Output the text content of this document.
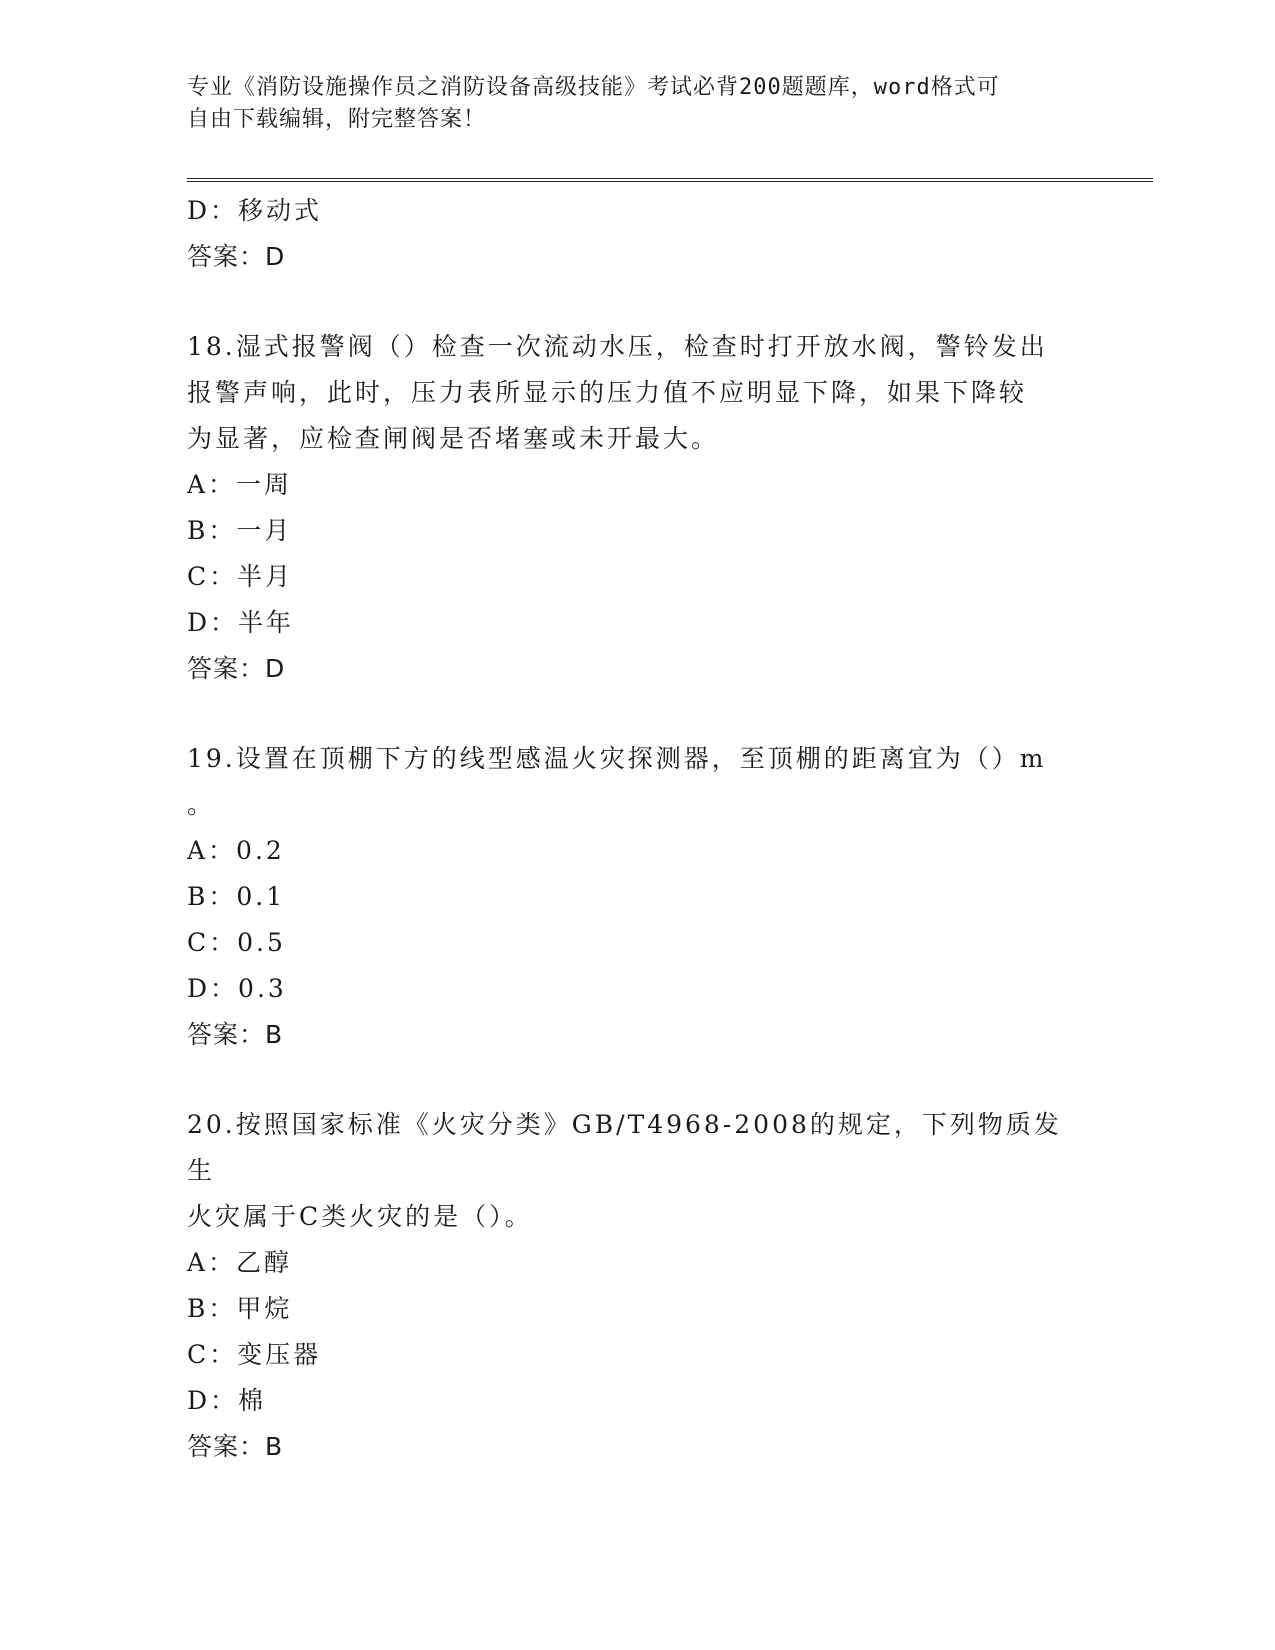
专业《消防设施操作员之消防设备高级技能》考试必背200题题库，word格式可
自由下载编辑，附完整答案！
D：移动式
答案：D
18.湿式报警阀（）检查一次流动水压，检查时打开放水阀，警铃发出
报警声响，此时，压力表所显示的压力值不应明显下降，如果下降较
为显著，应检查闸阀是否堵塞或未开最大。
A：一周
B：一月
C：半月
D：半年
答案：D
19.设置在顶棚下方的线型感温火灾探测器，至顶棚的距离宜为（）m
。
A：0.2
B：0.1
C：0.5
D：0.3
答案：B
20.按照国家标准《火灾分类》GB/T4968-2008的规定，下列物质发生
火灾属于C类火灾的是（）。
A：乙醇
B：甲烷
C：变压器
D：棉
答案：B
